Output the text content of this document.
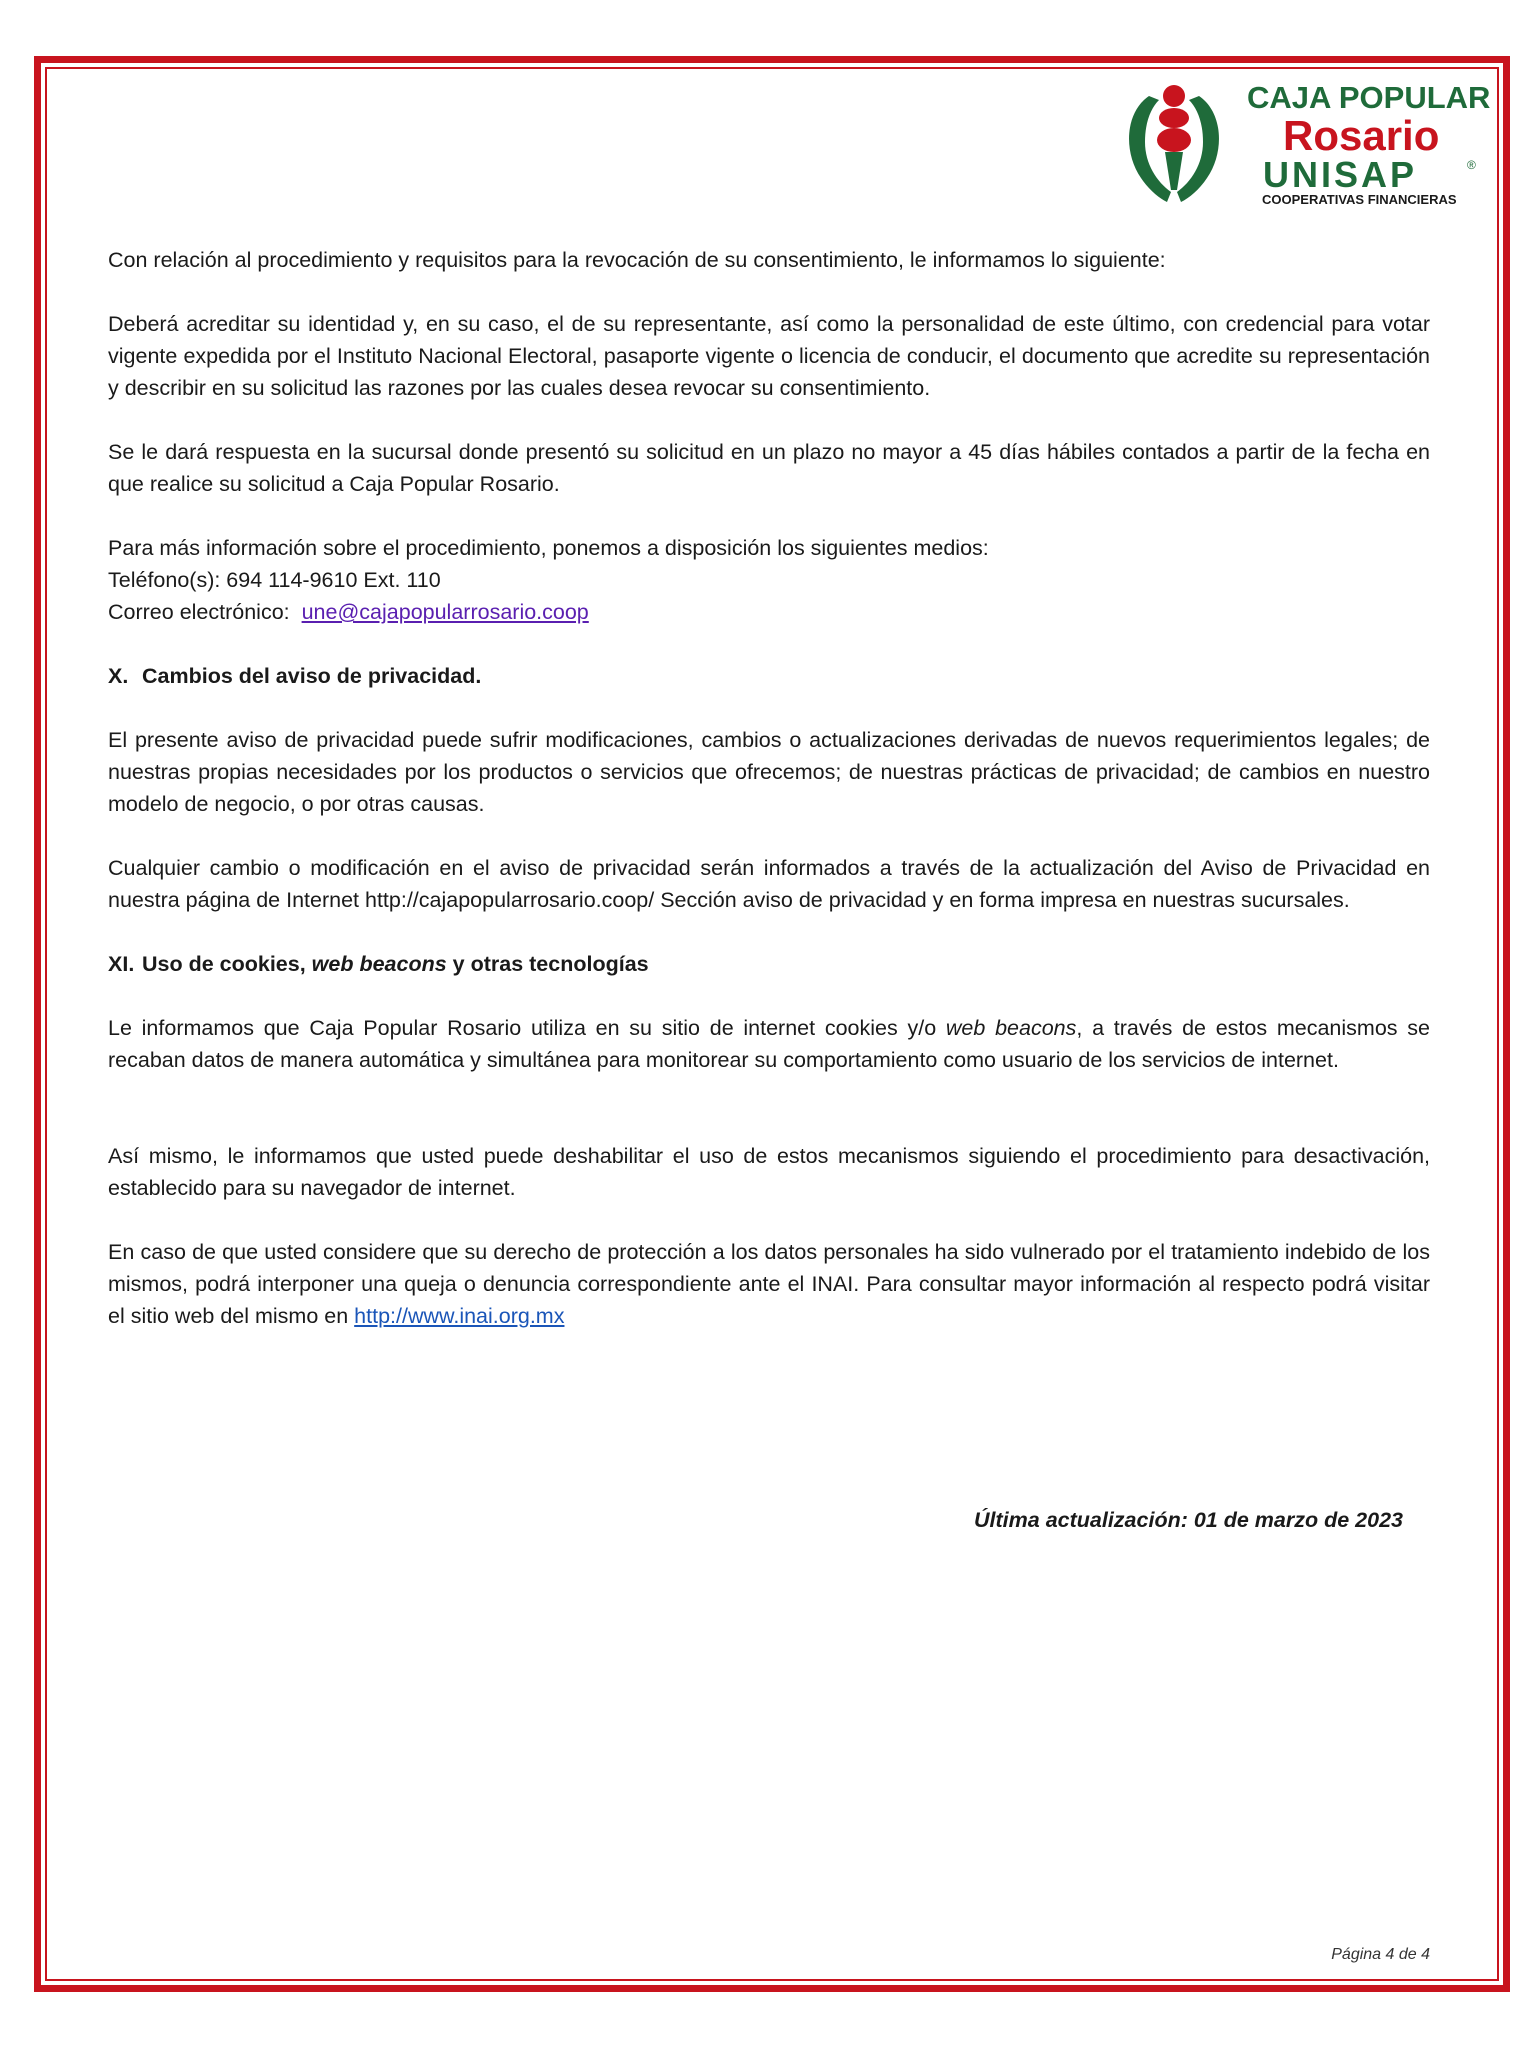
CAJA POPULAR
Rosario
UNISAP	®
COOPERATIVAS FINANCIERAS

Con relación al procedimiento y requisitos para la revocación de su consentimiento, le informamos lo siguiente:

Deberá acreditar su identidad y, en su caso, el de su representante, así como la personalidad de este último, con credencial para votar vigente expedida por el Instituto Nacional Electoral, pasaporte vigente o licencia de conducir, el documento que acredite su representación y describir en su solicitud las razones por las cuales desea revocar su consentimiento.

Se le dará respuesta en la sucursal donde presentó su solicitud en un plazo no mayor a 45 días hábiles contados a partir de la fecha en que realice su solicitud a Caja Popular Rosario.

Para más información sobre el procedimiento, ponemos a disposición los siguientes medios:

Teléfono(s): 694 114-9610 Ext. 110

Correo electrónico: une@cajapopularrosario.coop

X. Cambios del aviso de privacidad.

El presente aviso de privacidad puede sufrir modificaciones, cambios o actualizaciones derivadas de nuevos requerimientos legales; de nuestras propias necesidades por los productos o servicios que ofrecemos; de nuestras prácticas de privacidad; de cambios en nuestro modelo de negocio, o por otras causas.

Cualquier cambio o modificación en el aviso de privacidad serán informados a través de la actualización del Aviso de Privacidad en nuestra página de Internet http://cajapopularrosario.coop/ Sección aviso de privacidad y en forma impresa en nuestras sucursales.

XI. Uso de cookies, web beacons y otras tecnologías

Le informamos que Caja Popular Rosario utiliza en su sitio de internet cookies y/o web beacons, a través de estos mecanismos se recaban datos de manera automática y simultánea para monitorear su comportamiento como usuario de los servicios de internet.

Así mismo, le informamos que usted puede deshabilitar el uso de estos mecanismos siguiendo el procedimiento para desactivación, establecido para su navegador de internet.

En caso de que usted considere que su derecho de protección a los datos personales ha sido vulnerado por el tratamiento indebido de los mismos, podrá interponer una queja o denuncia correspondiente ante el INAI. Para consultar mayor información al respecto podrá visitar el sitio web del mismo en http://www.inai.org.mx

Última actualización: 01 de marzo de 2023
Página 4 de 4
